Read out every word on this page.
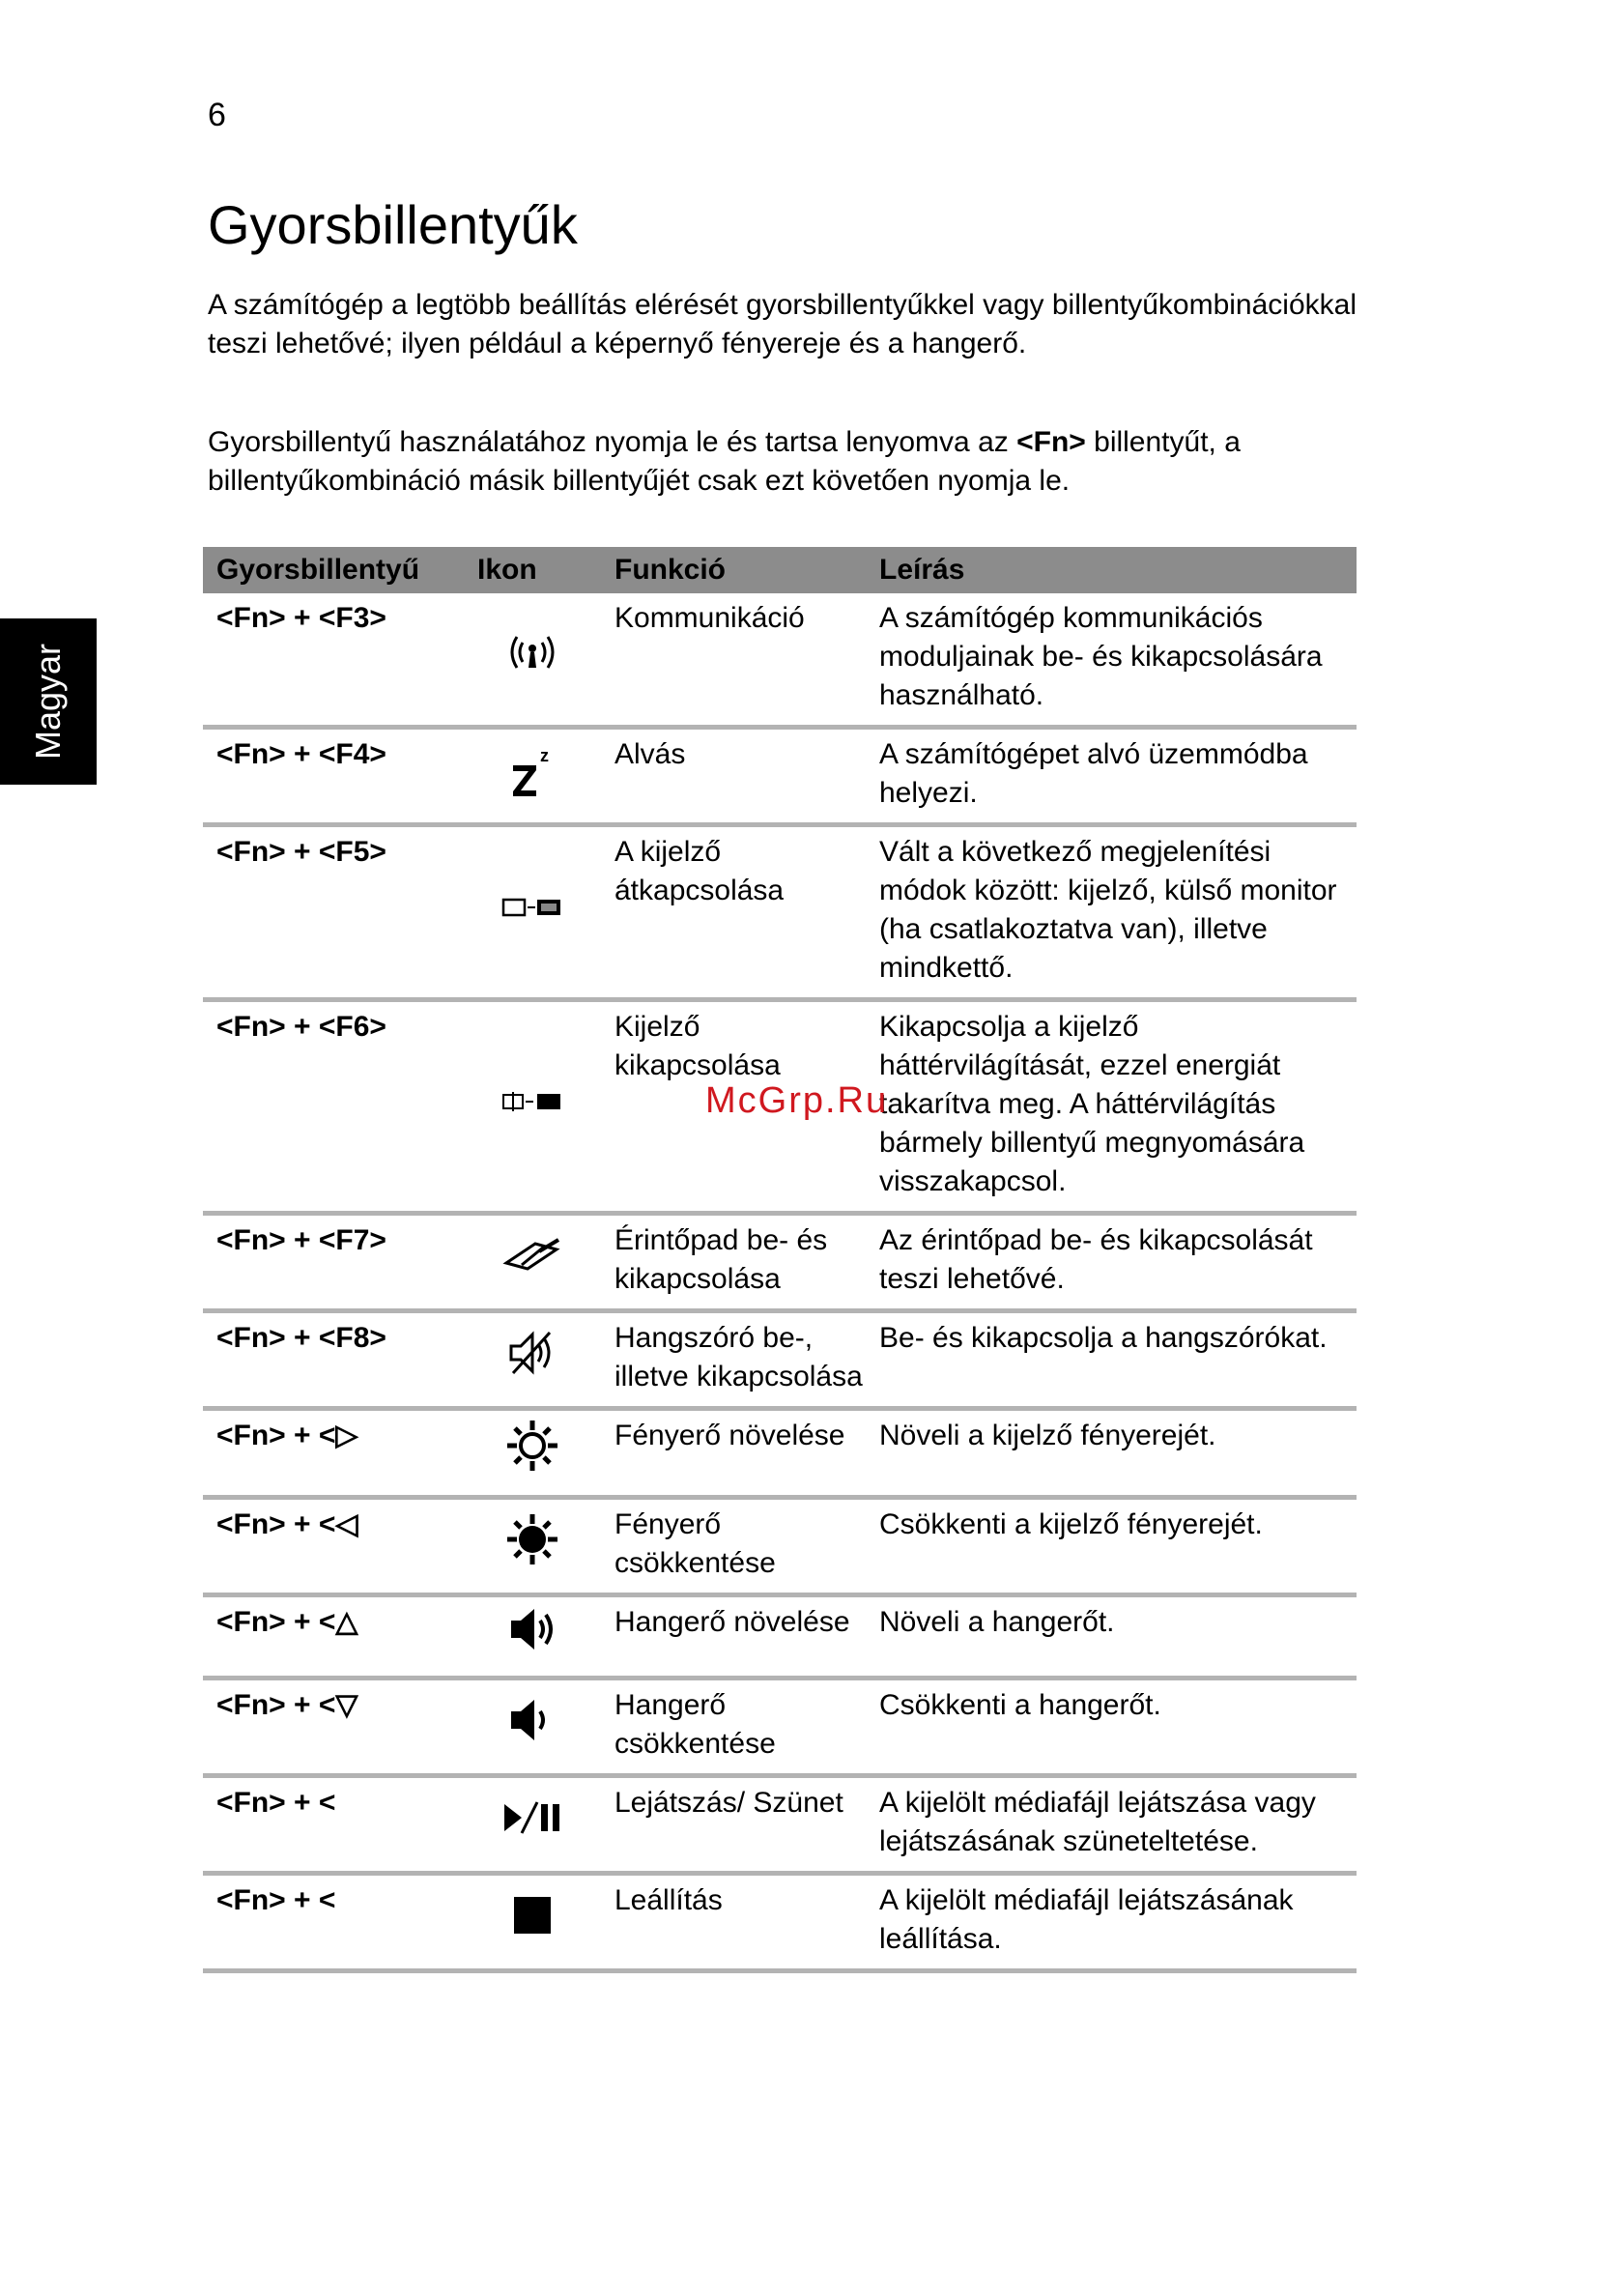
6
Magyar
Gyorsbillentyűk

A számítógép a legtöbb beállítás elérését gyorsbillentyűkkel vagy billentyűkombinációkkal teszi lehetővé; ilyen például a képernyő fényereje és a hangerő.

Gyorsbillentyű használatához nyomja le és tartsa lenyomva az <Fn> billentyűt, a billentyűkombináció másik billentyűjét csak ezt követően nyomja le.

Gyorsbillentyű	Ikon	Funkció	Leírás
<Fn> + <F3>		Kommunikáció	A számítógép kommunikációs moduljainak be- és kikapcsolására használható.
<Fn> + <F4>	z	Alvás	A számítógépet alvó üzemmódba helyezi.
<Fn> + <F5>		A kijelző átkapcsolása	Vált a következő megjelenítési módok között: kijelző, külső monitor (ha csatlakoztatva van), illetve mindkettő.
<Fn> + <F6>		Kijelző kikapcsolása	Kikapcsolja a kijelző háttérvilágítását, ezzel energiát takarítva meg. A háttérvilágítás bármely billentyű megnyomására visszakapcsol.
<Fn> + <F7>		Érintőpad be- és kikapcsolása	Az érintőpad be- és kikapcsolását teszi lehetővé.
<Fn> + <F8>		Hangszóró be-, illetve kikapcsolása	Be- és kikapcsolja a hangszórókat.
<Fn> + <▷		Fényerő növelése	Növeli a kijelző fényerejét.
<Fn> + <◁		Fényerő csökkentése	Csökkenti a kijelző fényerejét.
<Fn> + <△		Hangerő növelése	Növeli a hangerőt.
<Fn> + <▽		Hangerő csökkentése	Csökkenti a hangerőt.
<Fn> + <		Lejátszás/ Szünet	A kijelölt médiafájl lejátszása vagy lejátszásának szüneteltetése.
<Fn> + <		Leállítás	A kijelölt médiafájl lejátszásának leállítása.
McGrp.Ru
